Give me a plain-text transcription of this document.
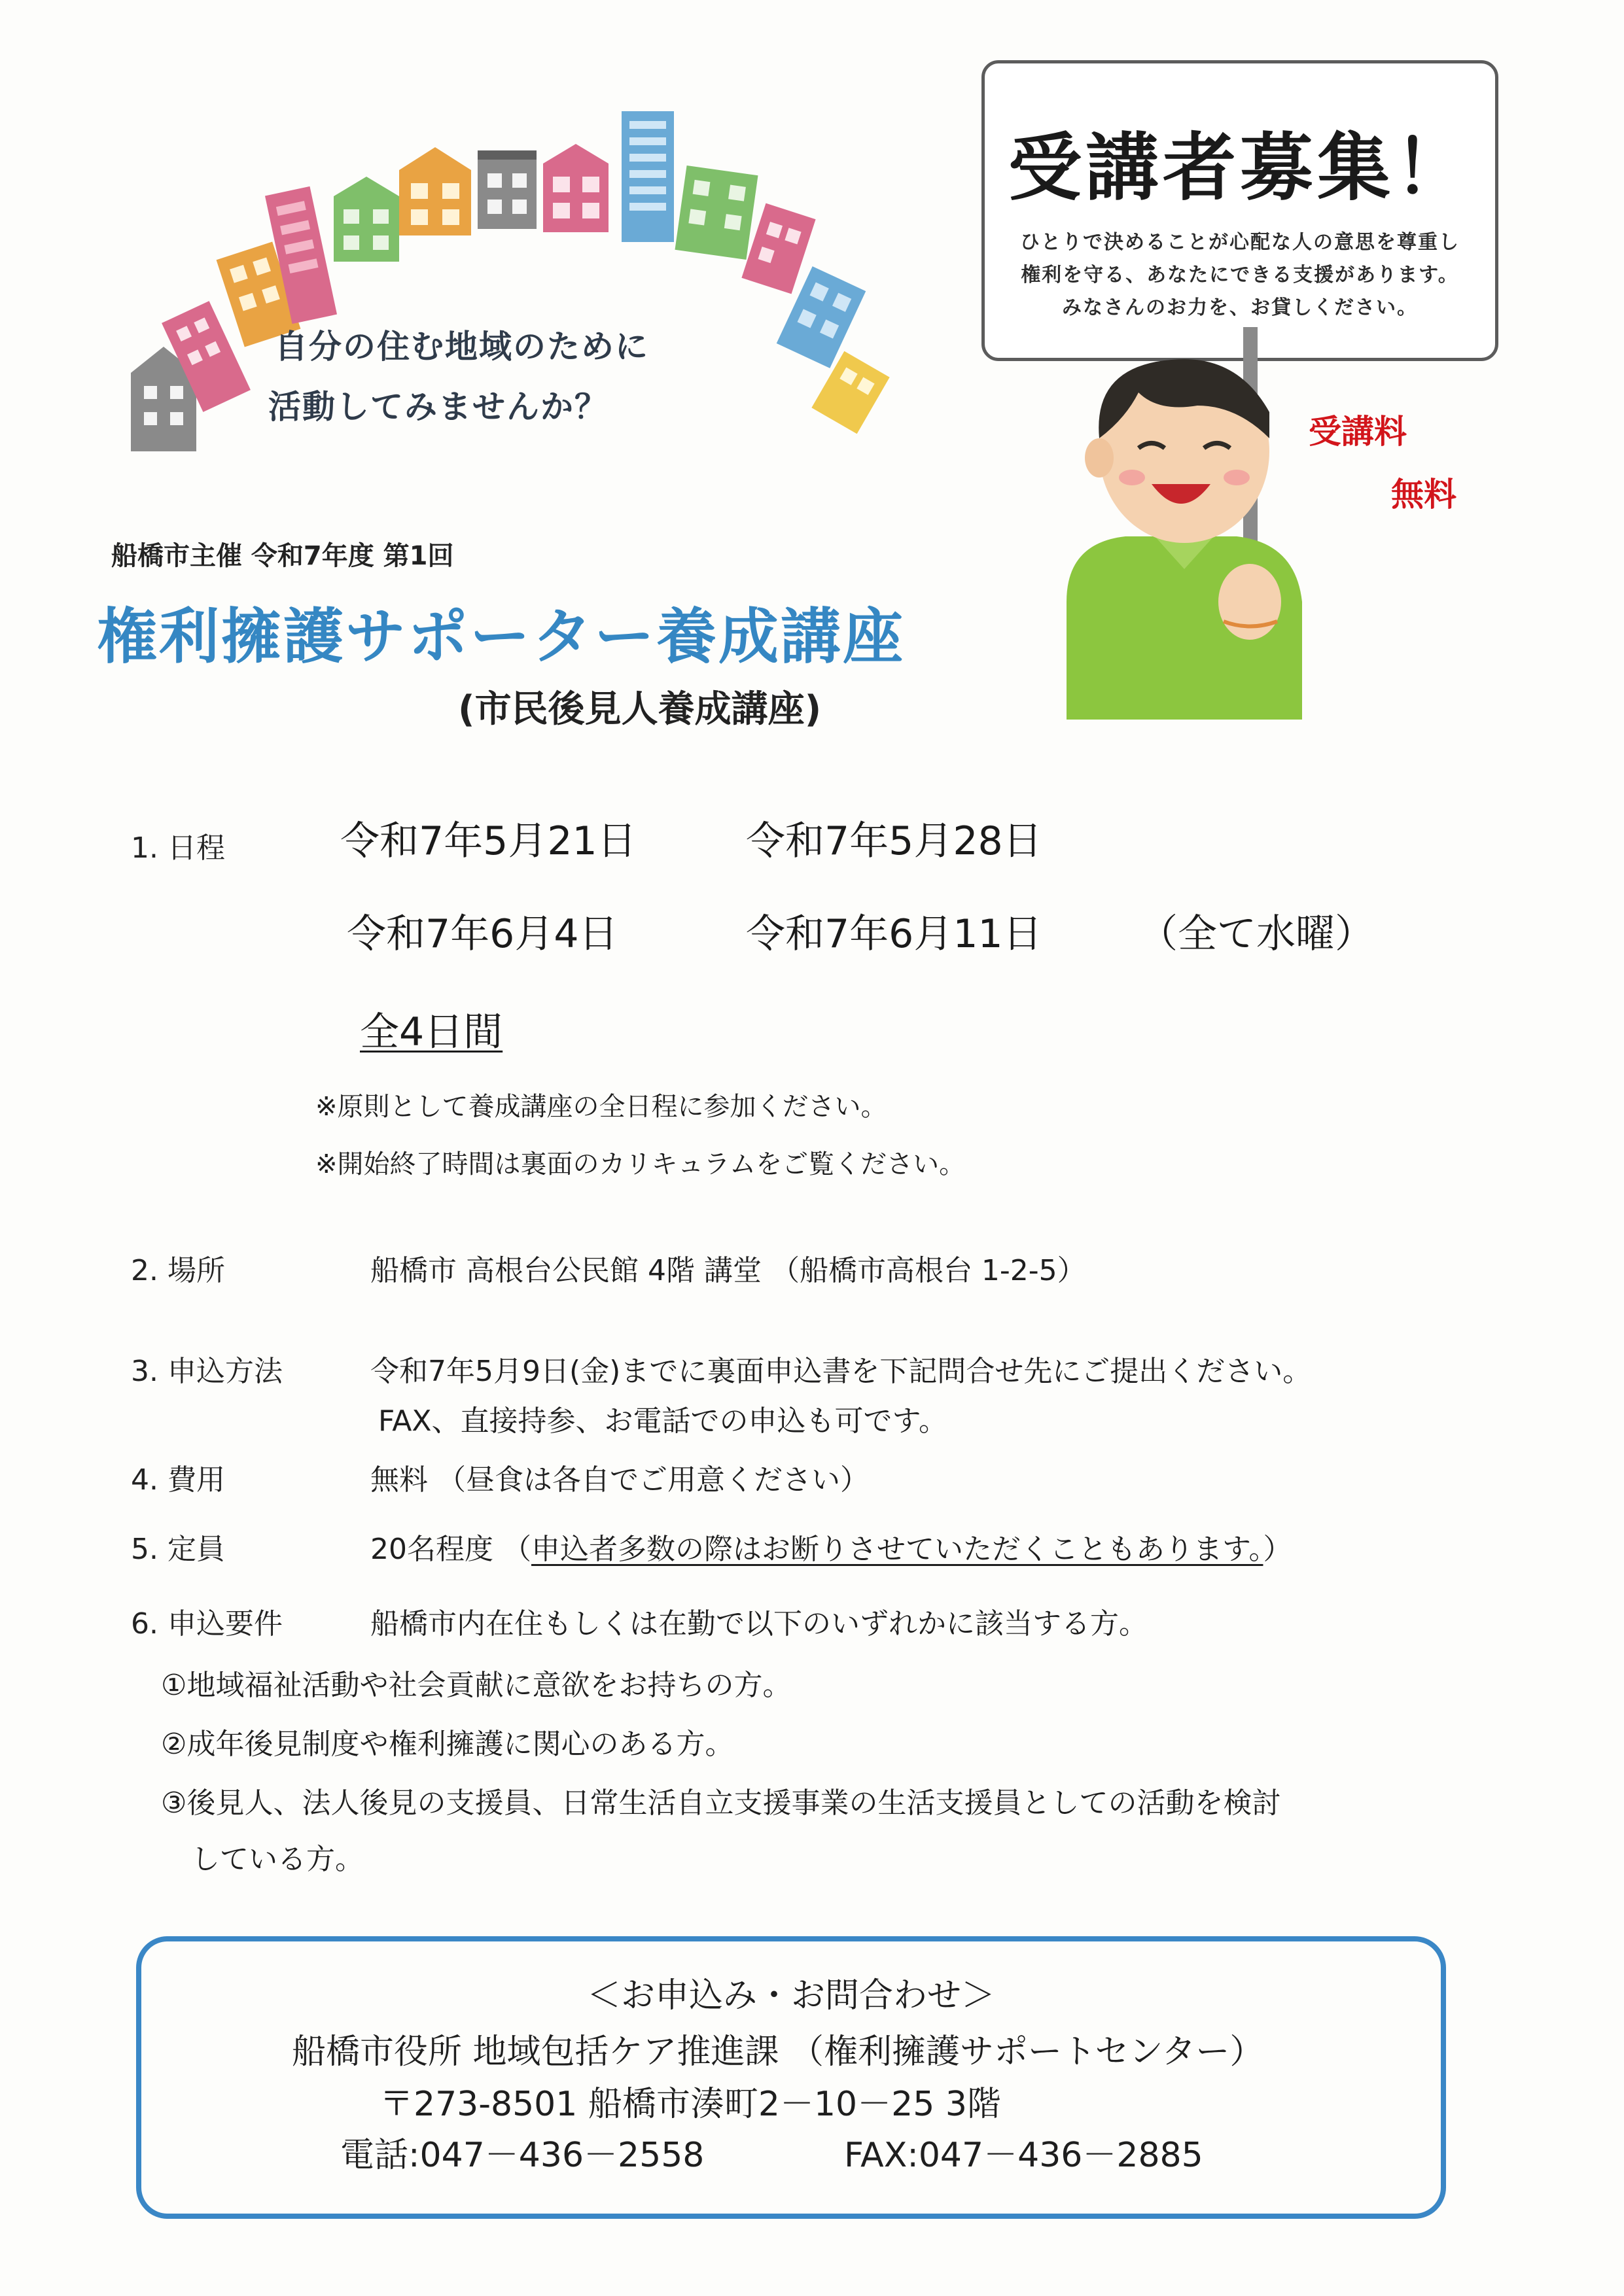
自分の住む地域のために
活動してみませんか？
受講者募集！
ひとりで決めることが心配な人の意思を尊重し
権利を守る、あなたにできる支援があります。
みなさんのお力を、お貸しください。
受講料
無料
船橋市主催 令和7年度 第1回
権利擁護サポーター養成講座
(市民後見人養成講座)
1. 日程	令和7年5月21日	令和7年5月28日
令和7年6月4日	令和7年6月11日 （全て水曜）
全4日間
※原則として養成講座の全日程に参加ください。
※開始終了時間は裏面のカリキュラムをご覧ください。
2. 場所	船橋市 高根台公民館 4階 講堂 （船橋市高根台 1-2-5）
3. 申込方法	令和7年5月9日(金)までに裏面申込書を下記問合せ先にご提出ください。
FAX、直接持参、お電話での申込も可です。
4. 費用	無料 （昼食は各自でご用意ください）
5. 定員	20名程度 （申込者多数の際はお断りさせていただくこともあります。）
6. 申込要件	船橋市内在住もしくは在勤で以下のいずれかに該当する方。
①地域福祉活動や社会貢献に意欲をお持ちの方。
②成年後見制度や権利擁護に関心のある方。
③後見人、法人後見の支援員、日常生活自立支援事業の生活支援員としての活動を検討
している方。
＜お申込み・お問合わせ＞
船橋市役所 地域包括ケア推進課 （権利擁護サポートセンター）
〒273-8501 船橋市湊町2－10－25 3階
電話:047－436－2558	FAX:047－436－2885
